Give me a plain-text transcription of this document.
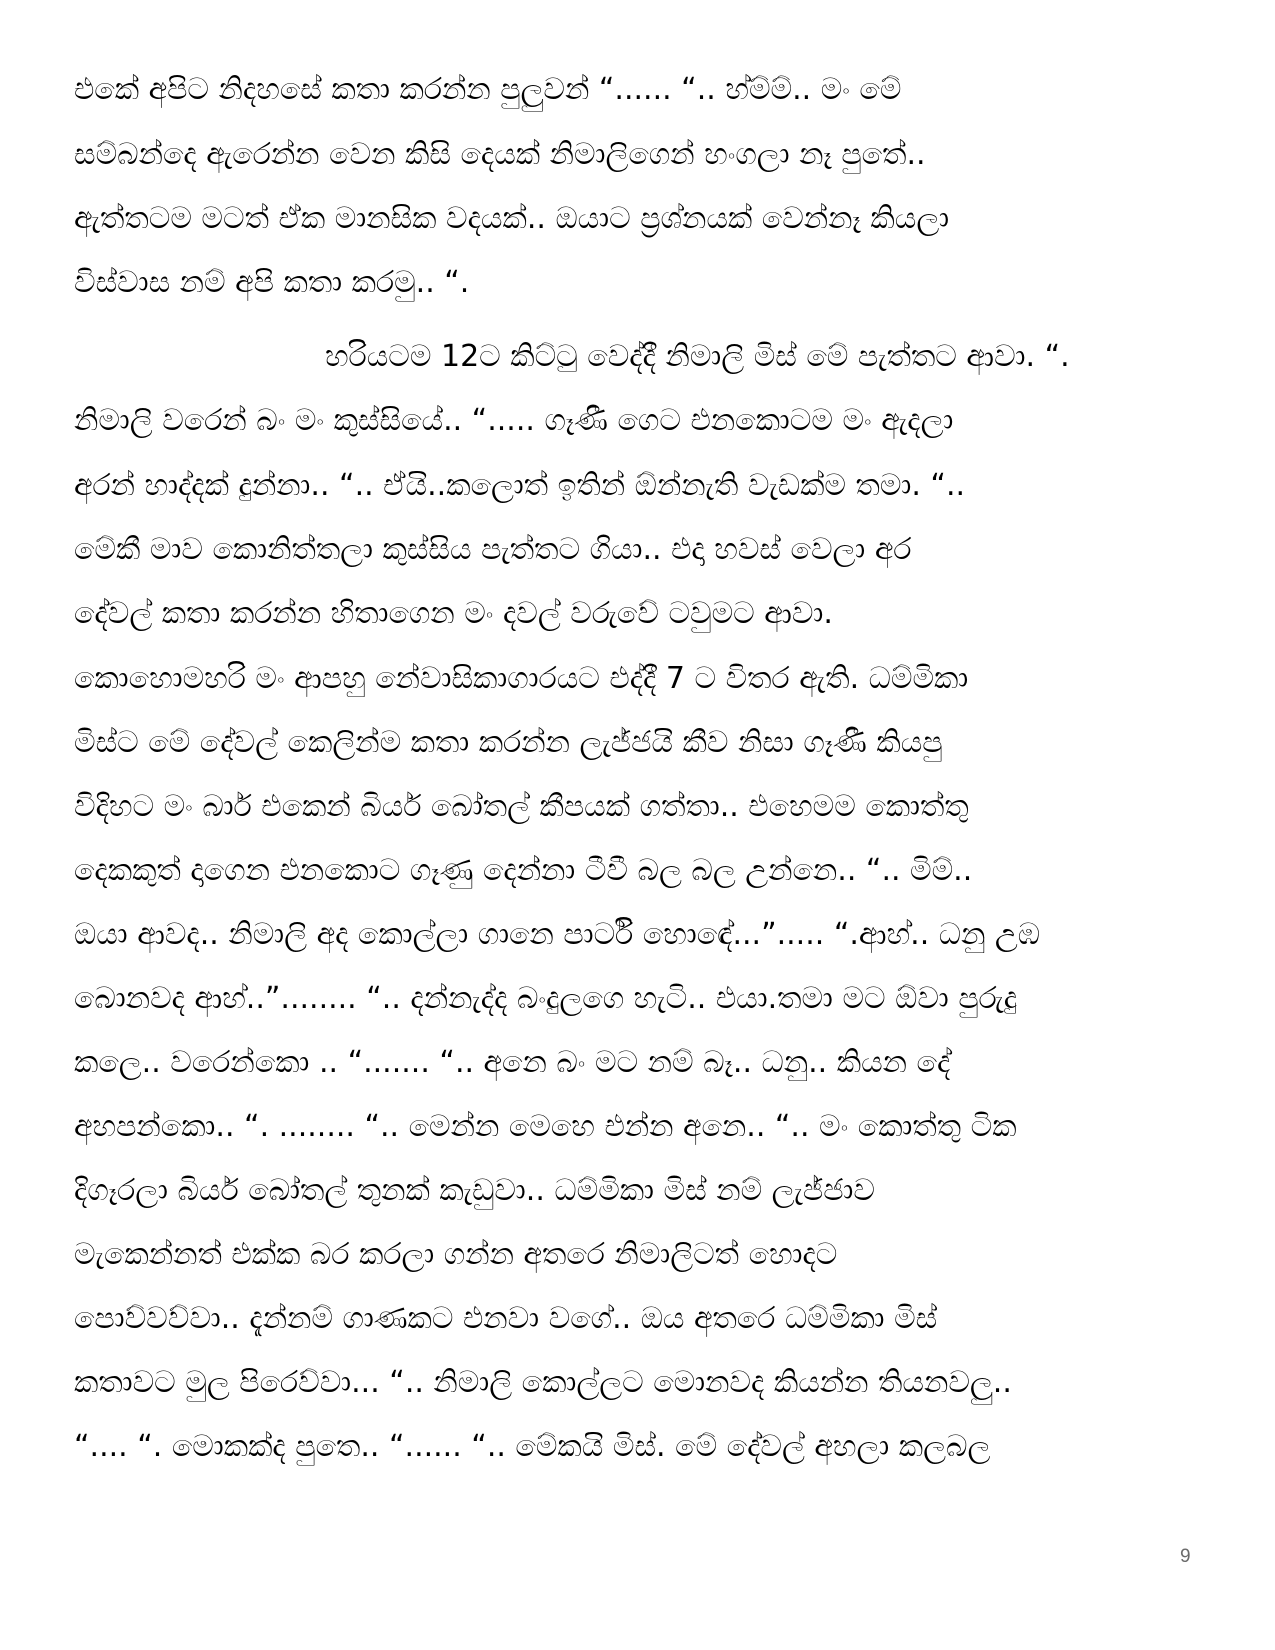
එකේ අපිට නිදහසේ කතා කරන්න පුලුවන් “...... “.. හ්ම්ම්.. මං මේ
සම්බන්දෙ ඇරෙන්න වෙන කිසි දෙයක් නිමාලිගෙන් හංගලා නෑ පුතේ..
ඇත්තටම මටත් ඒක මානසික වදයක්.. ඔයාට ප්‍රශ්නයක් වෙන්නෑ කියලා
විස්වාස නම් අපි කතා කරමු.. “.
හරියටම 12ට කිට්ටු වෙද්දී නිමාලි මිස් මේ පැත්තට ආවා. “.
නිමාලි වරෙන් බං මං කුස්සියේ.. “..... ගෑණී ගෙට එනකොටම මං ඇදලා
අරන් හාද්දක් දුන්නා.. “.. ඒයි..කලොත් ඉතින් ඕන්නැති වැඩක්ම තමා. “..
මේකී මාව කොනිත්තලා කුස්සිය පැත්තට ගියා.. එදා හවස් වෙලා අර
දේවල් කතා කරන්න හිතාගෙන මං දවල් වරුවේ ටවුමට ආවා.
කොහොමහරි මං ආපහු නේවාසිකාගාරයට එද්දී 7 ට විතර ඇති. ධම්මිකා
මිස්ට මේ දේවල් කෙලින්ම කතා කරන්න ලැජ්ජයි කීව නිසා ගෑණී කියපු
විදිහට මං බාර් එකෙන් බියර් බෝතල් කීපයක් ගත්තා.. එහෙමම කොත්තු
දෙකකුත් දාගෙන එනකොට ගෑණු දෙන්නා ටීවී බල බල උන්නෙ.. “.. මිම්..
ඔයා ආවද.. නිමාලි අද කොල්ලා ගානෙ පාර්ටි හොඳේ...”..... “.ආහ්.. ධනු උඹ
බොනවද ආහ්..”........ “.. දන්නැද්ද බංදුලගෙ හැටි.. එයා.තමා මට ඕවා පුරුදු
කලෙ.. වරෙන්කො .. “....... “.. අනෙ බං මට නම් බෑ.. ධනු.. කියන දේ
අහපන්කො.. “. ........ “.. මෙන්න මෙහෙ එන්න අනෙ.. “.. මං කොත්තු ටික
දිගෑරලා බියර් බෝතල් තුනක් කැඩුවා.. ධම්මිකා මිස් නම් ලැජ්ජාව
මැකෙන්නත් එක්ක බර කරලා ගන්න අතරෙ නිමාලිටත් හොදට
පොව්වව්වා.. දැන්නම් ගාණකට එනවා වගේ.. ඔය අතරෙ ධම්මිකා මිස්
කතාවට මුල පිරෙව්වා... “.. නිමාලි කොල්ලට මොනවද කියන්න තියනවලු..
“.... “. මොකක්ද පුතෙ.. “...... “.. මේකයි මිස්. මේ දේවල් අහලා කලබල
9
